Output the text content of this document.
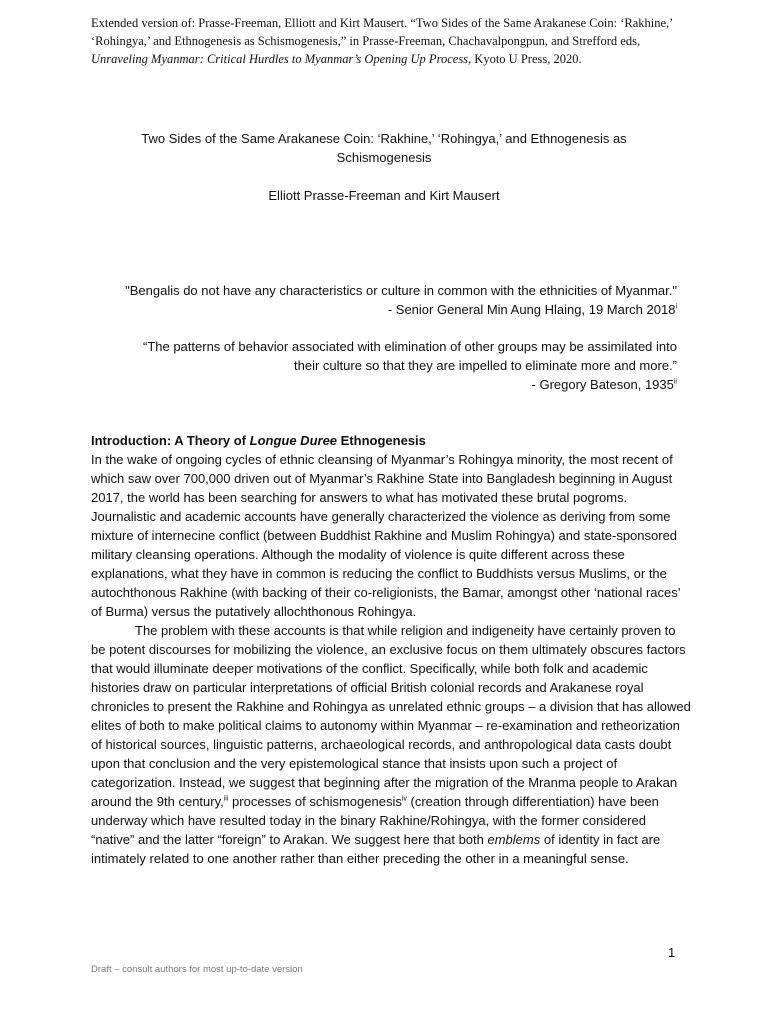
Extended version of: Prasse-Freeman, Elliott and Kirt Mausert. “Two Sides of the Same Arakanese Coin: ‘Rakhine,’ ‘Rohingya,’ and Ethnogenesis as Schismogenesis,” in Prasse-Freeman, Chachavalpongpun, and Strefford eds, Unraveling Myanmar: Critical Hurdles to Myanmar’s Opening Up Process, Kyoto U Press, 2020.
Two Sides of the Same Arakanese Coin: ‘Rakhine,’ ‘Rohingya,’ and Ethnogenesis as
Schismogenesis
Elliott Prasse-Freeman and Kirt Mausert
"Bengalis do not have any characteristics or culture in common with the ethnicities of Myanmar."
- Senior General Min Aung Hlaing, 19 March 2018$^i$
“The patterns of behavior associated with elimination of other groups may be assimilated into
their culture so that they are impelled to eliminate more and more.”
- Gregory Bateson, 1935$^{ii}$
Introduction: A Theory of Longue Duree Ethnogenesis

In the wake of ongoing cycles of ethnic cleansing of Myanmar’s Rohingya minority, the most recent of which saw over 700,000 driven out of Myanmar’s Rakhine State into Bangladesh beginning in August 2017, the world has been searching for answers to what has motivated these brutal pogroms. Journalistic and academic accounts have generally characterized the violence as deriving from some mixture of internecine conflict (between Buddhist Rakhine and Muslim Rohingya) and state-sponsored military cleansing operations. Although the modality of violence is quite different across these explanations, what they have in common is reducing the conflict to Buddhists versus Muslims, or the autochthonous Rakhine (with backing of their co-religionists, the Bamar, amongst other ‘national races’ of Burma) versus the putatively allochthonous Rohingya.

The problem with these accounts is that while religion and indigeneity have certainly proven to be potent discourses for mobilizing the violence, an exclusive focus on them ultimately obscures factors that would illuminate deeper motivations of the conflict. Specifically, while both folk and academic histories draw on particular interpretations of official British colonial records and Arakanese royal chronicles to present the Rakhine and Rohingya as unrelated ethnic groups – a division that has allowed elites of both to make political claims to autonomy within Myanmar – re-examination and retheorization of historical sources, linguistic patterns, archaeological records, and anthropological data casts doubt upon that conclusion and the very epistemological stance that insists upon such a project of categorization. Instead, we suggest that beginning after the migration of the Mranma people to Arakan around the 9th century,$^{iii}$ processes of schismogenesis$^{iv}$ (creation through differentiation) have been underway which have resulted today in the binary Rakhine/Rohingya, with the former considered “native” and the latter “foreign” to Arakan. We suggest here that both emblems of identity in fact are intimately related to one another rather than either preceding the other in a meaningful sense.

1
Draft – consult authors for most up-to-date version
